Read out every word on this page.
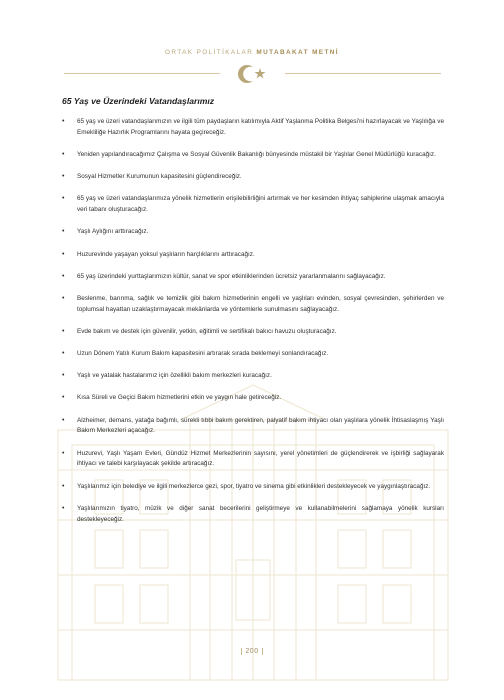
ORTAK POLİTİKALAR MUTABAKAT METNİ
65 Yaş ve Üzerindeki Vatandaşlarımız
• 65 yaş ve üzeri vatandaşlarımızın ve ilgili tüm paydaşların katılımıyla Aktif Yaşlanma Politika Belgesi'ni hazırlayacak ve Yaşlılığa ve Emekliliğe Hazırlık Programlarını hayata geçireceğiz.
• Yeniden yapılandıracağımız Çalışma ve Sosyal Güvenlik Bakanlığı bünyesinde müstakil bir Yaşlılar Genel Müdürlüğü kuracağız.
• Sosyal Hizmetler Kurumunun kapasitesini güçlendireceğiz.
• 65 yaş ve üzeri vatandaşlarımıza yönelik hizmetlerin erişilebilirliğini artırmak ve her kesimden ihtiyaç sahiplerine ulaşmak amacıyla veri tabanı oluşturacağız.
• Yaşlı Aylığını arttıracağız.
• Huzurevinde yaşayan yoksul yaşlıların harçlıklarını arttıracağız.
• 65 yaş üzerindeki yurttaşlarımızın kültür, sanat ve spor etkinliklerinden ücretsiz yararlanmalarını sağlayacağız.
• Beslenme, barınma, sağlık ve temizlik gibi bakım hizmetlerinin engelli ve yaşlıları evinden, sosyal çevresinden, şehirlerden ve toplumsal hayattan uzaklaştırmayacak mekânlarda ve yöntemlerle sunulmasını sağlayacağız.
• Evde bakım ve destek için güvenilir, yetkin, eğitimli ve sertifikalı bakıcı havuzu oluşturacağız.
• Uzun Dönem Yatılı Kurum Bakım kapasitesini artırarak sırada beklemeyi sonlandıracağız.
• Yaşlı ve yatalak hastalarımız için özellikli bakım merkezleri kuracağız.
• Kısa Süreli ve Geçici Bakım hizmetlerini etkin ve yaygın hale getireceğiz.
• Alzheimer, demans, yatağa bağımlı, sürekli tıbbi bakım gerektiren, palyatif bakım ihtiyacı olan yaşlılara yönelik İhtisaslaşmış Yaşlı Bakım Merkezleri açacağız.
• Huzurevi, Yaşlı Yaşam Evleri, Gündüz Hizmet Merkezlerinin sayısını, yerel yönetimleri de güçlendirerek ve işbirliği sağlayarak ihtiyacı ve talebi karşılayacak şekilde artıracağız.
• Yaşlılarımız için belediye ve ilgili merkezlerce gezi, spor, tiyatro ve sinema gibi etkinlikleri destekleyecek ve yaygınlaştıracağız.
• Yaşlılarımızın tiyatro, müzik ve diğer sanat becerilerini geliştirmeye ve kullanabilmelerini sağlamaya yönelik kursları destekleyeceğiz.
200
